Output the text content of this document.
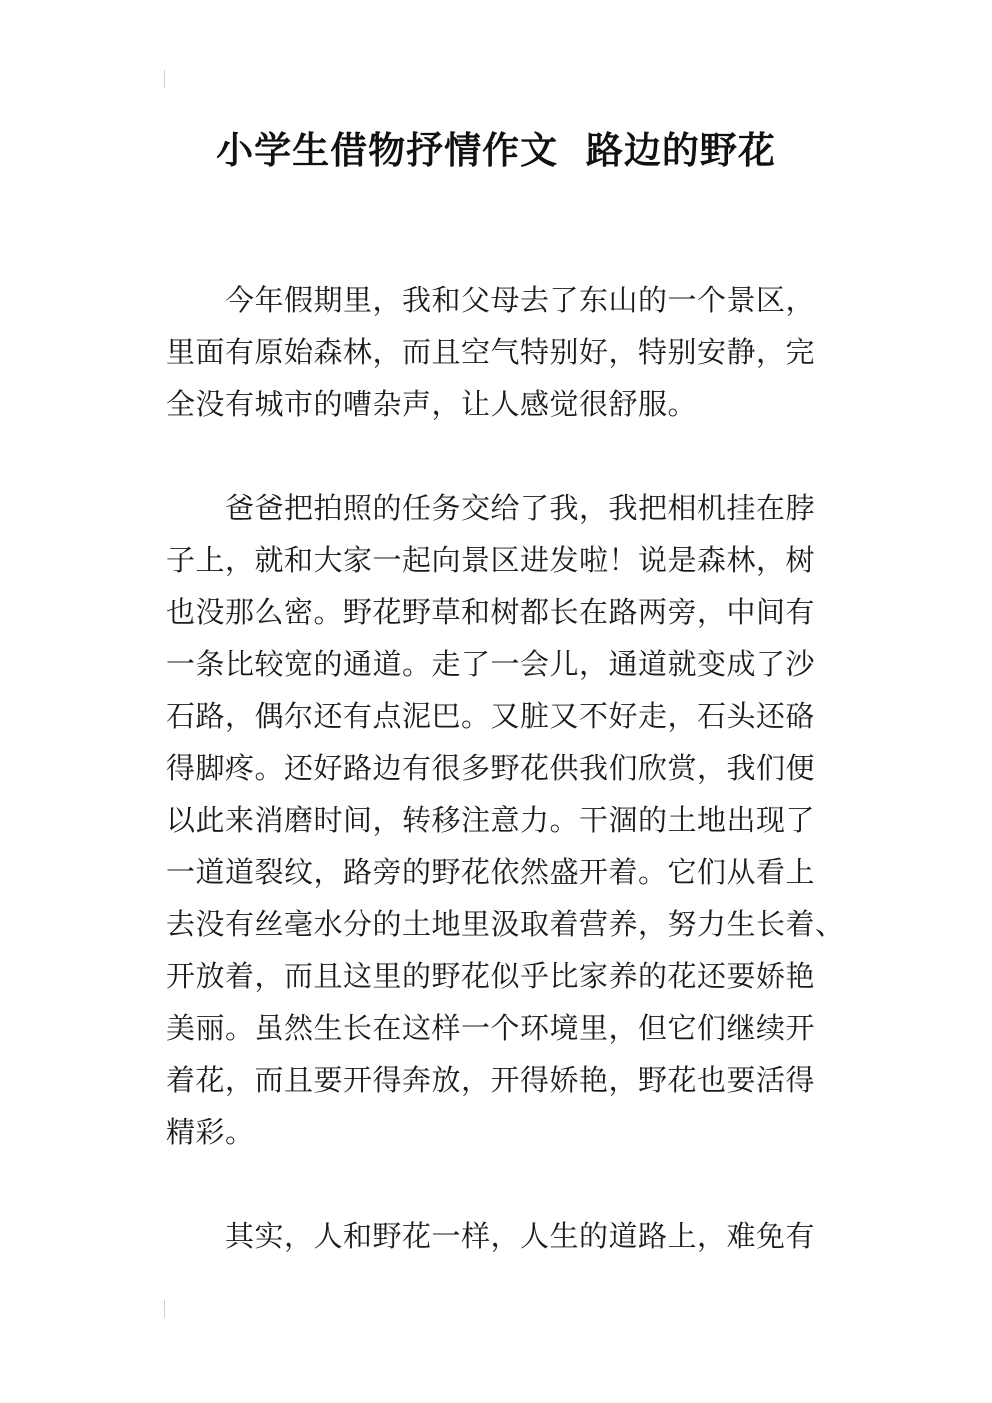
小学生借物抒情作文  路边的野花

　　今年假期里，我和父母去了东山的一个景区，
里面有原始森林，而且空气特别好，特别安静，完
全没有城市的嘈杂声，让人感觉很舒服。

　　爸爸把拍照的任务交给了我，我把相机挂在脖
子上，就和大家一起向景区进发啦！说是森林，树
也没那么密。野花野草和树都长在路两旁，中间有
一条比较宽的通道。走了一会儿，通道就变成了沙
石路，偶尔还有点泥巴。又脏又不好走，石头还硌
得脚疼。还好路边有很多野花供我们欣赏，我们便
以此来消磨时间，转移注意力。干涸的土地出现了
一道道裂纹，路旁的野花依然盛开着。它们从看上
去没有丝毫水分的土地里汲取着营养，努力生长着、
开放着，而且这里的野花似乎比家养的花还要娇艳
美丽。虽然生长在这样一个环境里，但它们继续开
着花，而且要开得奔放，开得娇艳，野花也要活得
精彩。

　　其实，人和野花一样，人生的道路上，难免有
